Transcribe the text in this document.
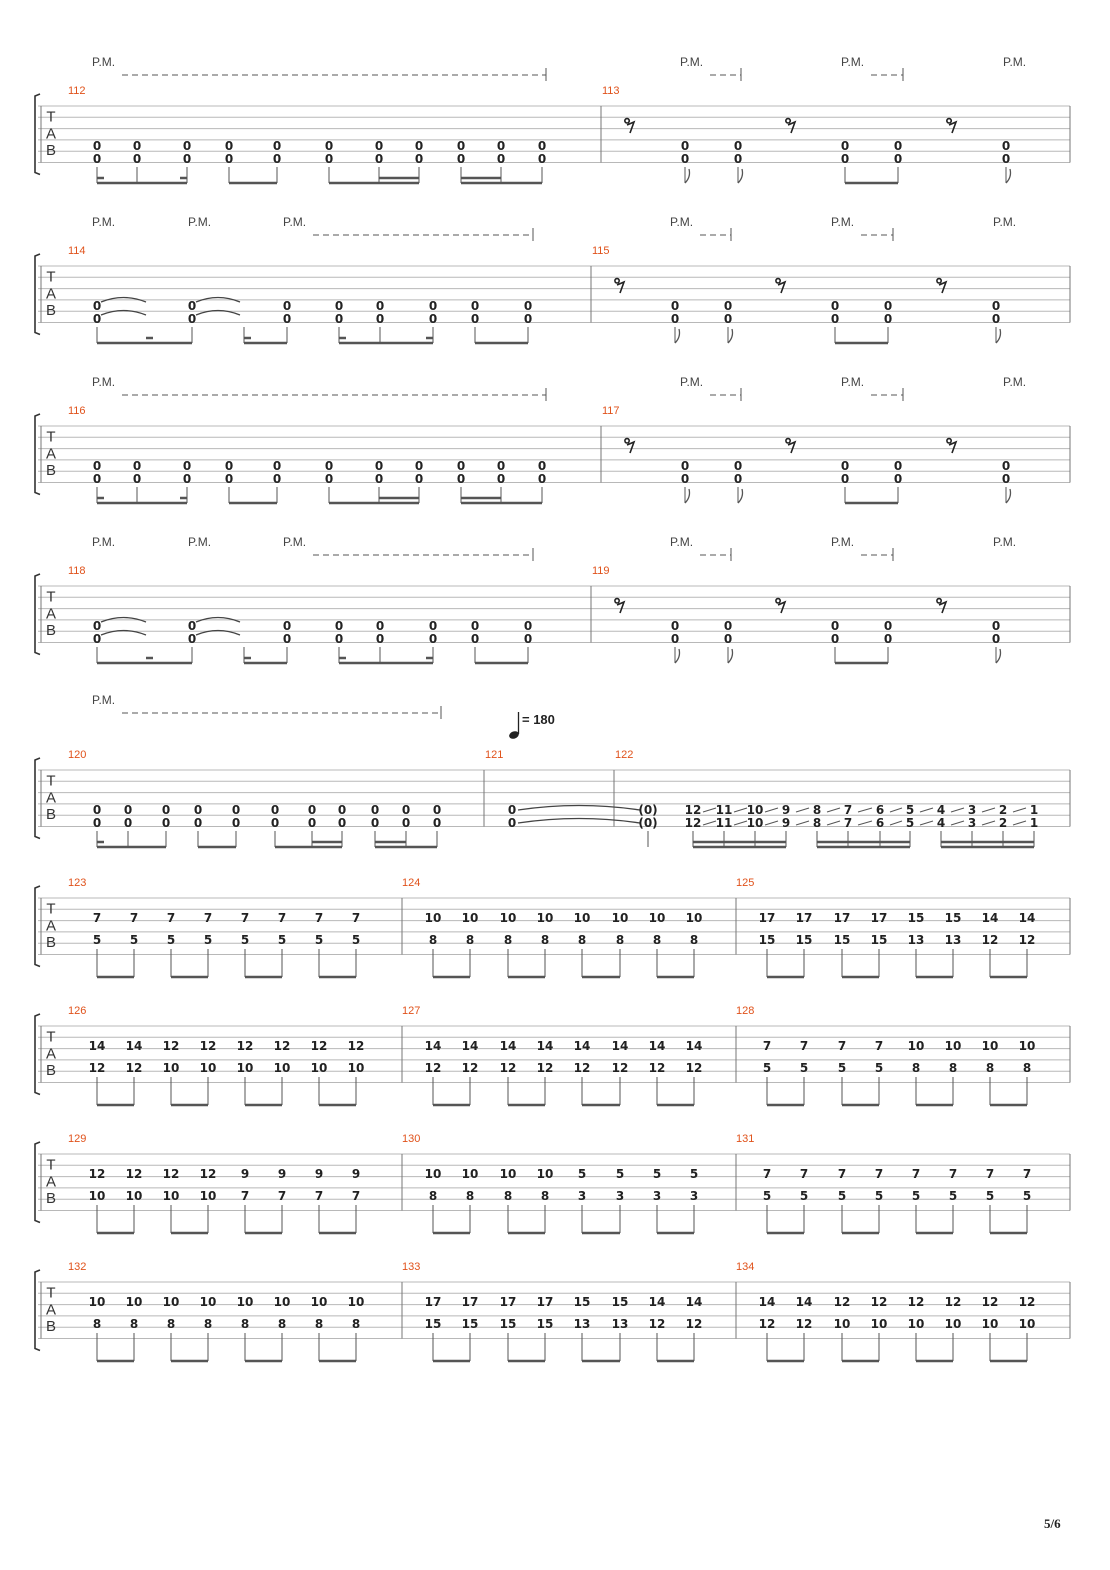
5/6
T
A
B
T
A
B
T
A
B
T
A
B
T
A
B
T
A
B
T
A
B
T
A
B
T
A
B
112
P.M.
0
0
0
0
0
0
0
0
0
0
0
0
0
0
0
0
0
0
0
0
0
0
113
P.M.	P.M.	P.M.
0
0
0
0
0
0
0
0
0
0
114
P.M.	P.M.	P.M.
0
0
0
0
0
0
0
0
0
0
0
0
0
0
0
0
115
P.M.	P.M.	P.M.
0
0
0
0
0
0
0
0
0
0
116
P.M.
0
0
0
0
0
0
0
0
0
0
0
0
0
0
0
0
0
0
0
0
0
0
117
P.M.	P.M.	P.M.
0
0
0
0
0
0
0
0
0
0
118
P.M.	P.M.	P.M.
0
0
0
0
0
0
0
0
0
0
0
0
0
0
0
0
119
P.M.	P.M.	P.M.
0
0
0
0
0
0
0
0
0
0
120
P.M.
0
0
0
0
0
0
0
0
0
0
0
0
0
0
0
0
0
0
0
0
0
0
121
0
0
122
(0)
(0)
12
12
11
11
10
10
9
9
8
8
7
7
6
6
5
5
4
4
3
3
2
2
1
1
= 180
123
7
5
7
5
7
5
7
5
7
5
7
5
7
5
7
5
124
10
8
10
8
10
8
10
8
10
8
10
8
10
8
10
8
125
17
15
17
15
17
15
17
15
15
13
15
13
14
12
14
12
126
14
12
14
12
12
10
12
10
12
10
12
10
12
10
12
10
127
14
12
14
12
14
12
14
12
14
12
14
12
14
12
14
12
128
7
5
7
5
7
5
7
5
10
8
10
8
10
8
10
8
129
12
10
12
10
12
10
12
10
9
7
9
7
9
7
9
7
130
10
8
10
8
10
8
10
8
5
3
5
3
5
3
5
3
131
7
5
7
5
7
5
7
5
7
5
7
5
7
5
7
5
132
10
8
10
8
10
8
10
8
10
8
10
8
10
8
10
8
133
17
15
17
15
17
15
17
15
15
13
15
13
14
12
14
12
134
14
12
14
12
12
10
12
10
12
10
12
10
12
10
12
10
